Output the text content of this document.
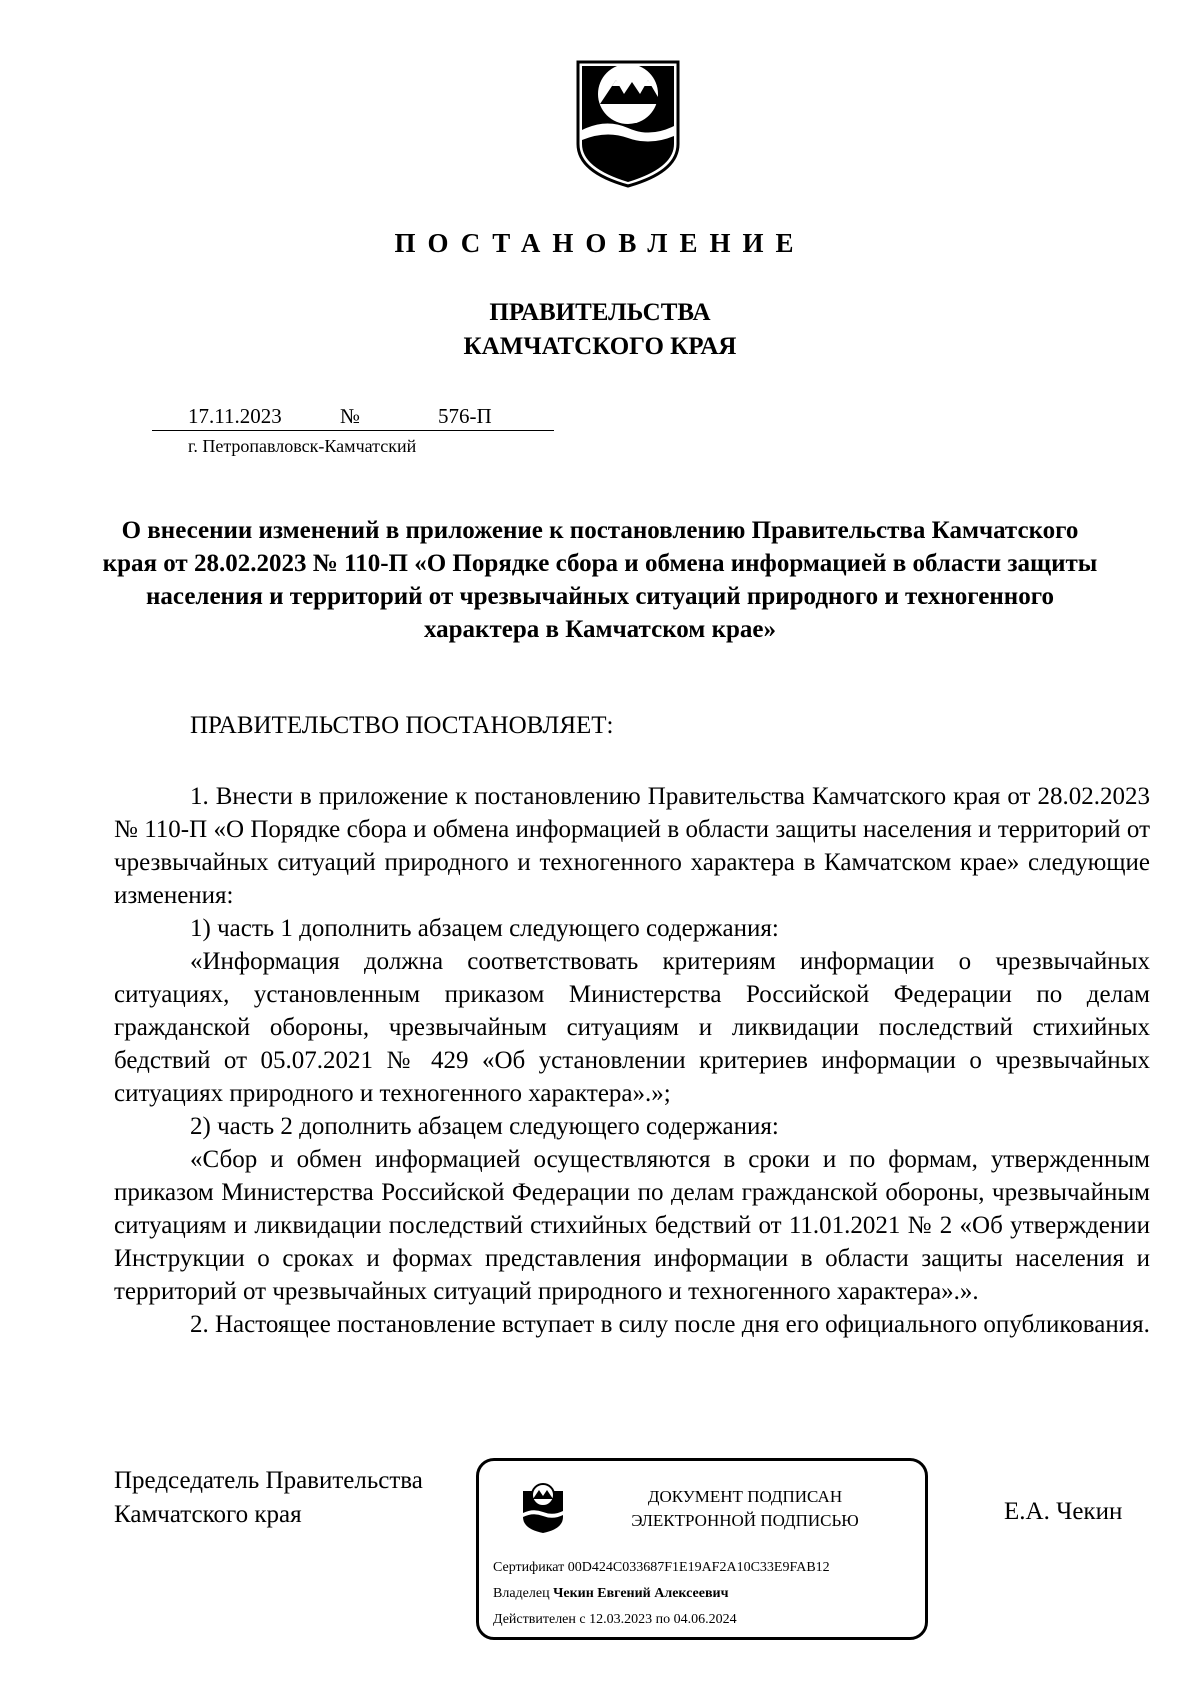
ПОСТАНОВЛЕНИЕ
ПРАВИТЕЛЬСТВА
КАМЧАТСКОГО КРАЯ
17.11.2023	№	576-П
г. Петропавловск-Камчатский
О внесении изменений в приложение к постановлению Правительства Камчатского края от 28.02.2023 № 110-П «О Порядке сбора и обмена информацией в области защиты населения и территорий от чрезвычайных ситуаций природного и техногенного характера в Камчатском крае»
ПРАВИТЕЛЬСТВО ПОСТАНОВЛЯЕТ:

1. Внести в приложение к постановлению Правительства Камчатского края от 28.02.2023 № 110-П «О Порядке сбора и обмена информацией в области защиты населения и территорий от чрезвычайных ситуаций природного и техногенного характера в Камчатском крае» следующие изменения:

1) часть 1 дополнить абзацем следующего содержания:

«Информация должна соответствовать критериям информации о чрезвычайных ситуациях, установленным приказом Министерства Российской Федерации по делам гражданской обороны, чрезвычайным ситуациям и ликвидации последствий стихийных бедствий от 05.07.2021 № 429 «Об установлении критериев информации о чрезвычайных ситуациях природного и техногенного характера».»;

2) часть 2 дополнить абзацем следующего содержания:

«Сбор и обмен информацией осуществляются в сроки и по формам, утвержденным приказом Министерства Российской Федерации по делам гражданской обороны, чрезвычайным ситуациям и ликвидации последствий стихийных бедствий от 11.01.2021 № 2 «Об утверждении Инструкции о сроках и формах представления информации в области защиты населения и территорий от чрезвычайных ситуаций природного и техногенного характера».».

2. Настоящее постановление вступает в силу после дня его официального опубликования.

Председатель Правительства
Камчатского края
ДОКУМЕНТ ПОДПИСАН
ЭЛЕКТРОННОЙ ПОДПИСЬЮ
Сертификат 00D424C033687F1E19AF2A10C33E9FAB12
Владелец Чекин Евгений Алексеевич
Действителен с 12.03.2023 по 04.06.2024
Е.А. Чекин
